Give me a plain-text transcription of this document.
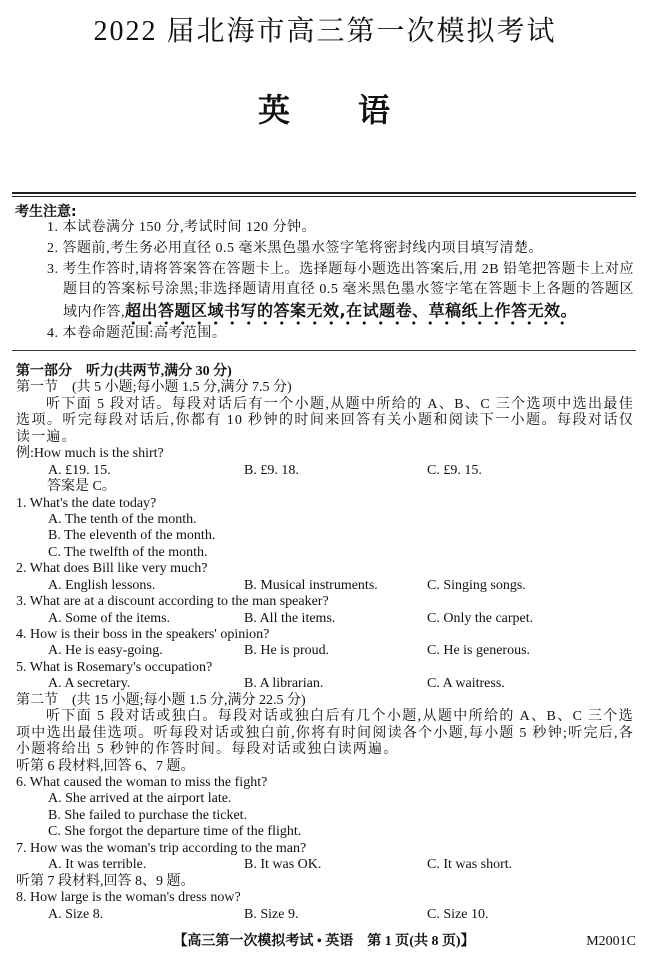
2022 届北海市高三第一次模拟考试
英　语
考生注意:
1. 本试卷满分 150 分,考试时间 120 分钟。
2. 答题前,考生务必用直径 0.5 毫米黑色墨水签字笔将密封线内项目填写清楚。
3. 考生作答时,请将答案答在答题卡上。选择题每小题选出答案后,用 2B 铅笔把答题卡上对应题目的答案标号涂黑;非选择题请用直径 0.5 毫米黑色墨水签字笔在答题卡上各题的答题区域内作答,超出答题区域书写的答案无效,在试题卷、草稿纸上作答无效。
4. 本卷命题范围:高考范围。
第一部分　听力(共两节,满分 30 分)
第一节　(共 5 小题;每小题 1.5 分,满分 7.5 分)
听下面 5 段对话。每段对话后有一个小题,从题中所给的 A、B、C 三个选项中选出最佳选项。听完每段对话后,你都有 10 秒钟的时间来回答有关小题和阅读下一小题。每段对话仅读一遍。
例:How much is the shirt?
A. £19. 15.	B. £9. 18.	C. £9. 15.
答案是 C。
1. What's the date today?
A. The tenth of the month.
B. The eleventh of the month.
C. The twelfth of the month.
2. What does Bill like very much?
A. English lessons.	B. Musical instruments.	C. Singing songs.
3. What are at a discount according to the man speaker?
A. Some of the items.	B. All the items.	C. Only the carpet.
4. How is their boss in the speakers' opinion?
A. He is easy-going.	B. He is proud.	C. He is generous.
5. What is Rosemary's occupation?
A. A secretary.	B. A librarian.	C. A waitress.
第二节　(共 15 小题;每小题 1.5 分,满分 22.5 分)
听下面 5 段对话或独白。每段对话或独白后有几个小题,从题中所给的 A、B、C 三个选项中选出最佳选项。听每段对话或独白前,你将有时间阅读各个小题,每小题 5 秒钟;听完后,各小题将给出 5 秒钟的作答时间。每段对话或独白读两遍。
听第 6 段材料,回答 6、7 题。
6. What caused the woman to miss the fight?
A. She arrived at the airport late.
B. She failed to purchase the ticket.
C. She forgot the departure time of the flight.
7. How was the woman's trip according to the man?
A. It was terrible.	B. It was OK.	C. It was short.
听第 7 段材料,回答 8、9 题。
8. How large is the woman's dress now?
A. Size 8.	B. Size 9.	C. Size 10.
【高三第一次模拟考试 • 英语　第 1 页(共 8 页)】	M2001C
